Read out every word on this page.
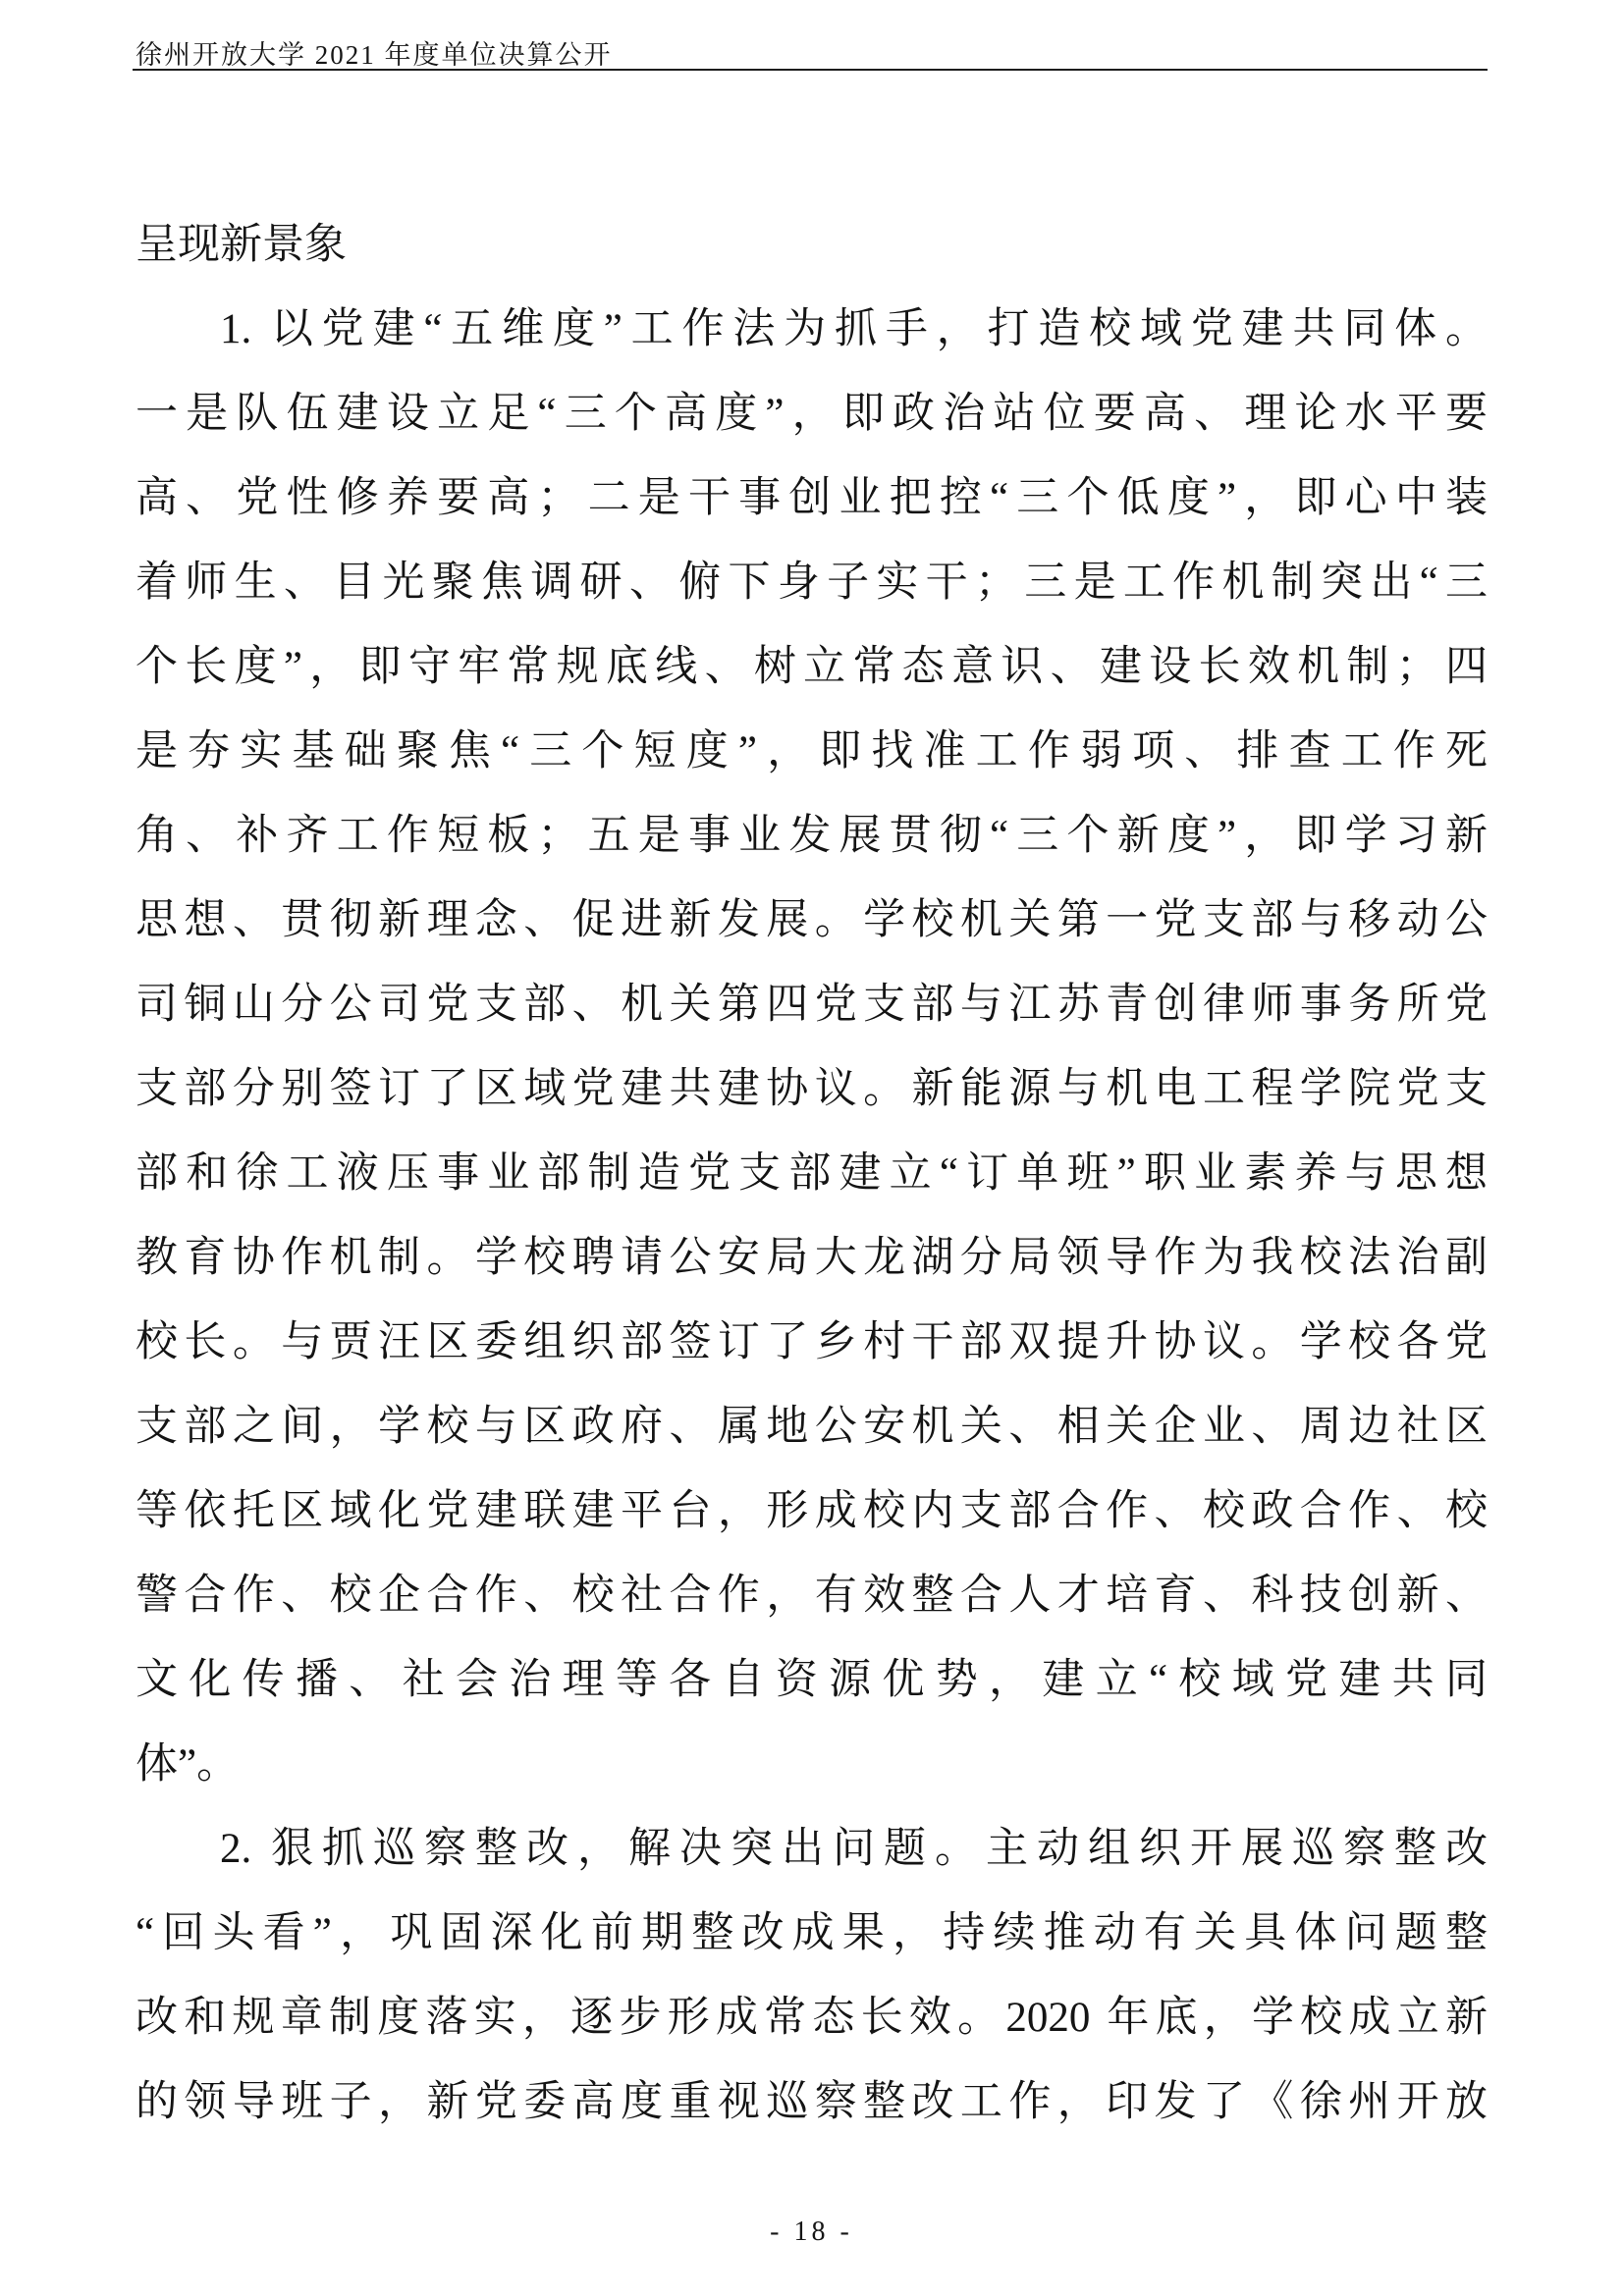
徐州开放大学 2021 年度单位决算公开
呈现新景象
1. 以党建“五维度”工作法为抓手，打造校域党建共同体。
一是队伍建设立足“三个高度”，即政治站位要高、理论水平要
高、党性修养要高；二是干事创业把控“三个低度”，即心中装
着师生、目光聚焦调研、俯下身子实干；三是工作机制突出“三
个长度”，即守牢常规底线、树立常态意识、建设长效机制；四
是夯实基础聚焦“三个短度”，即找准工作弱项、排查工作死
角、补齐工作短板；五是事业发展贯彻“三个新度”，即学习新
思想、贯彻新理念、促进新发展。学校机关第一党支部与移动公
司铜山分公司党支部、机关第四党支部与江苏青创律师事务所党
支部分别签订了区域党建共建协议。新能源与机电工程学院党支
部和徐工液压事业部制造党支部建立“订单班”职业素养与思想
教育协作机制。学校聘请公安局大龙湖分局领导作为我校法治副
校长。与贾汪区委组织部签订了乡村干部双提升协议。学校各党
支部之间，学校与区政府、属地公安机关、相关企业、周边社区
等依托区域化党建联建平台，形成校内支部合作、校政合作、校
警合作、校企合作、校社合作，有效整合人才培育、科技创新、
文化传播、社会治理等各自资源优势，建立“校域党建共同
体”。
2. 狠抓巡察整改，解决突出问题。主动组织开展巡察整改
“回头看”，巩固深化前期整改成果，持续推动有关具体问题整
改和规章制度落实，逐步形成常态长效。2020 年底，学校成立新
的领导班子，新党委高度重视巡察整改工作，印发了《徐州开放
- 18 -
